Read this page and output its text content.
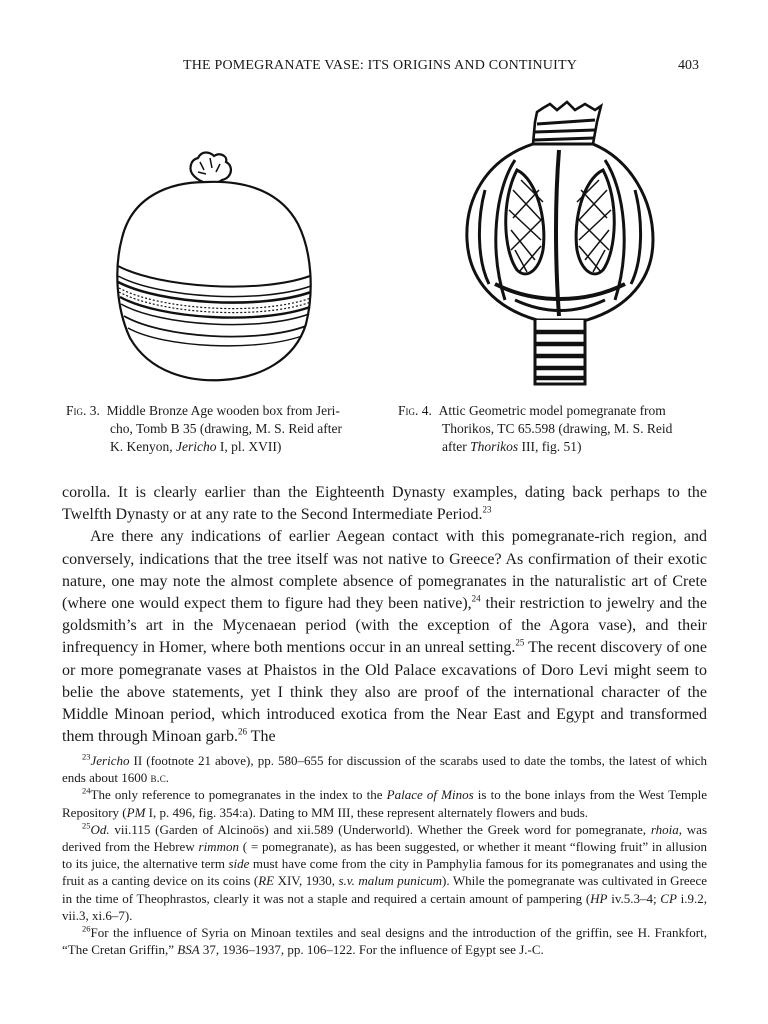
THE POMEGRANATE VASE: ITS ORIGINS AND CONTINUITY	403
Fig. 3. Middle Bronze Age wooden box from Jeri-
cho, Tomb B 35 (drawing, M. S. Reid after
K. Kenyon, Jericho I, pl. XVII)
Fig. 4. Attic Geometric model pomegranate from
Thorikos, TC 65.598 (drawing, M. S. Reid
after Thorikos III, fig. 51)

corolla. It is clearly earlier than the Eighteenth Dynasty examples, dating back perhaps to the Twelfth Dynasty or at any rate to the Second Intermediate Period.$^{23}$

Are there any indications of earlier Aegean contact with this pomegranate-rich region, and conversely, indications that the tree itself was not native to Greece? As confirmation of their exotic nature, one may note the almost complete absence of pomegranates in the naturalistic art of Crete (where one would expect them to figure had they been native),$^{24}$ their restriction to jewelry and the goldsmith’s art in the Mycenaean period (with the exception of the Agora vase), and their infrequency in Homer, where both mentions occur in an unreal setting.$^{25}$ The recent discovery of one or more pomegranate vases at Phaistos in the Old Palace excavations of Doro Levi might seem to belie the above statements, yet I think they also are proof of the international character of the Middle Minoan period, which introduced exotica from the Near East and Egypt and transformed them through Minoan garb.$^{26}$ The

$^{23}$Jericho II (footnote 21 above), pp. 580–655 for discussion of the scarabs used to date the tombs, the latest of which ends about 1600 b.c.

$^{24}$The only reference to pomegranates in the index to the Palace of Minos is to the bone inlays from the West Temple Repository (PM I, p. 496, fig. 354:a). Dating to MM III, these represent alternately flowers and buds.

$^{25}$Od. vii.115 (Garden of Alcinoös) and xii.589 (Underworld). Whether the Greek word for pomegranate, rhoia, was derived from the Hebrew rimmon ( = pomegranate), as has been suggested, or whether it meant “flowing fruit” in allusion to its juice, the alternative term side must have come from the city in Pamphylia famous for its pomegranates and using the fruit as a canting device on its coins (RE XIV, 1930, s.v. malum punicum). While the pomegranate was cultivated in Greece in the time of Theophrastos, clearly it was not a staple and required a certain amount of pampering (HP iv.5.3–4; CP i.9.2, vii.3, xi.6–7).

$^{26}$For the influence of Syria on Minoan textiles and seal designs and the introduction of the griffin, see H. Frankfort, “The Cretan Griffin,” BSA 37, 1936–1937, pp. 106–122. For the influence of Egypt see J.-C.
